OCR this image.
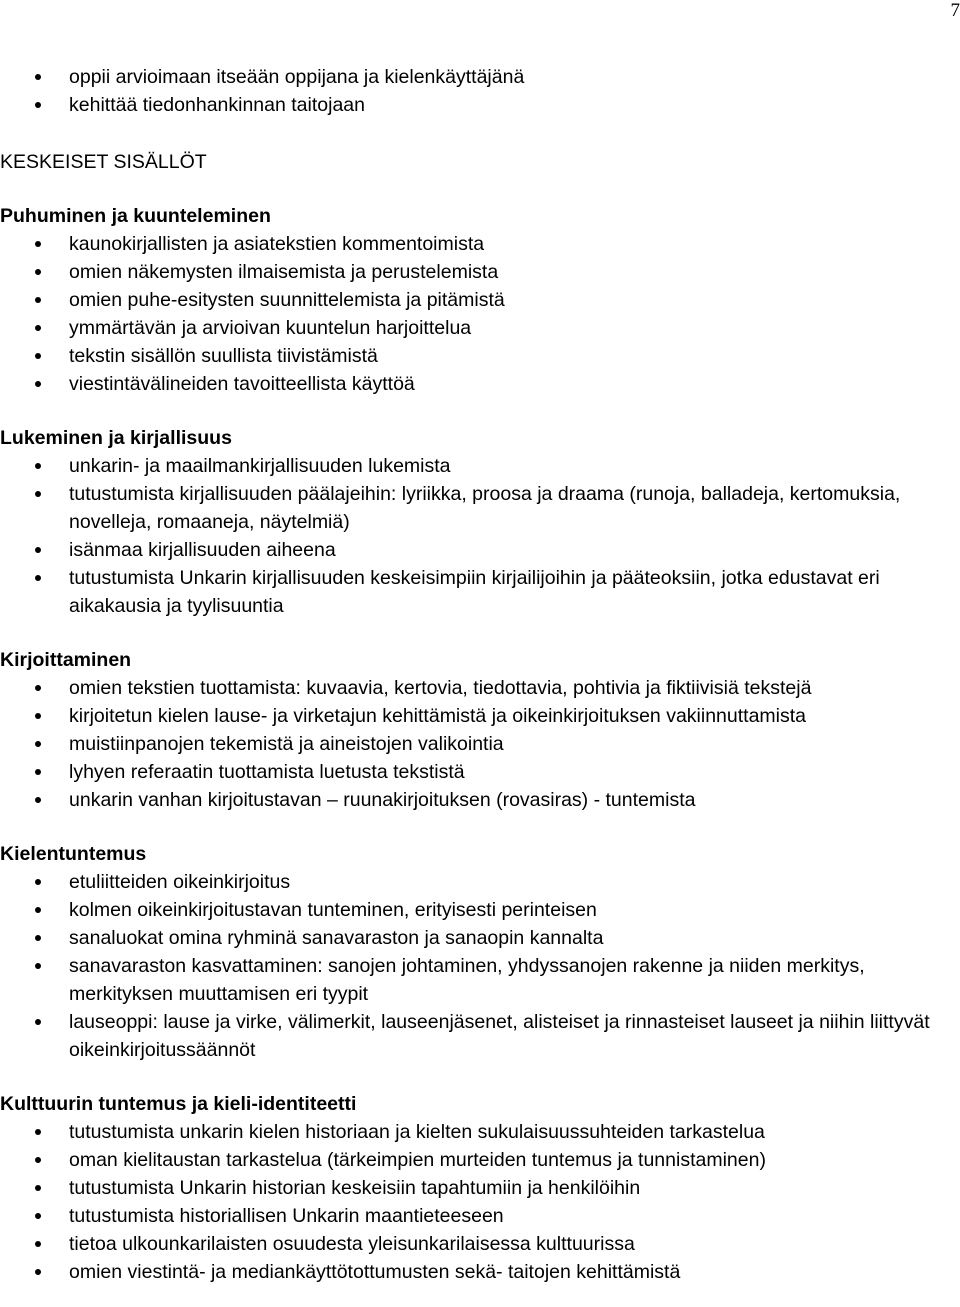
7
oppii arvioimaan itseään oppijana ja kielenkäyttäjänä
kehittää tiedonhankinnan taitojaan
KESKEISET SISÄLLÖT
Puhuminen ja kuunteleminen
kaunokirjallisten ja asiatekstien kommentoimista
omien näkemysten ilmaisemista ja perustelemista
omien puhe-esitysten suunnittelemista ja pitämistä
ymmärtävän ja arvioivan kuuntelun harjoittelua
tekstin sisällön suullista tiivistämistä
viestintävälineiden tavoitteellista käyttöä
Lukeminen ja kirjallisuus
unkarin- ja maailmankirjallisuuden lukemista
tutustumista kirjallisuuden päälajeihin: lyriikka, proosa ja draama (runoja, balladeja, kertomuksia, novelleja, romaaneja, näytelmiä)
isänmaa kirjallisuuden aiheena
tutustumista Unkarin kirjallisuuden keskeisimpiin kirjailijoihin ja pääteoksiin, jotka edustavat eri aikakausia ja tyylisuuntia
Kirjoittaminen
omien tekstien tuottamista: kuvaavia, kertovia, tiedottavia, pohtivia ja fiktiivisiä tekstejä
kirjoitetun kielen lause- ja virketajun kehittämistä ja oikeinkirjoituksen vakiinnuttamista
muistiinpanojen tekemistä ja aineistojen valikointia
lyhyen referaatin tuottamista luetusta tekstistä
unkarin vanhan kirjoitustavan – ruunakirjoituksen (rovasiras) - tuntemista
Kielentuntemus
etuliitteiden oikeinkirjoitus
kolmen oikeinkirjoitustavan tunteminen, erityisesti perinteisen
sanaluokat omina ryhminä sanavaraston ja sanaopin kannalta
sanavaraston kasvattaminen: sanojen johtaminen, yhdyssanojen rakenne ja niiden merkitys, merkityksen muuttamisen eri tyypit
lauseoppi: lause ja virke, välimerkit, lauseenjäsenet, alisteiset ja rinnasteiset lauseet ja niihin liittyvät oikeinkirjoitussäännöt
Kulttuurin tuntemus ja kieli-identiteetti
tutustumista unkarin kielen historiaan ja kielten sukulaisuussuhteiden tarkastelua
oman kielitaustan tarkastelua (tärkeimpien murteiden tuntemus ja tunnistaminen)
tutustumista Unkarin historian keskeisiin tapahtumiin ja henkilöihin
tutustumista historiallisen Unkarin maantieteeseen
tietoa ulkounkarilaisten osuudesta yleisunkarilaisessa kulttuurissa
omien viestintä- ja mediankäyttötottumusten sekä- taitojen kehittämistä
